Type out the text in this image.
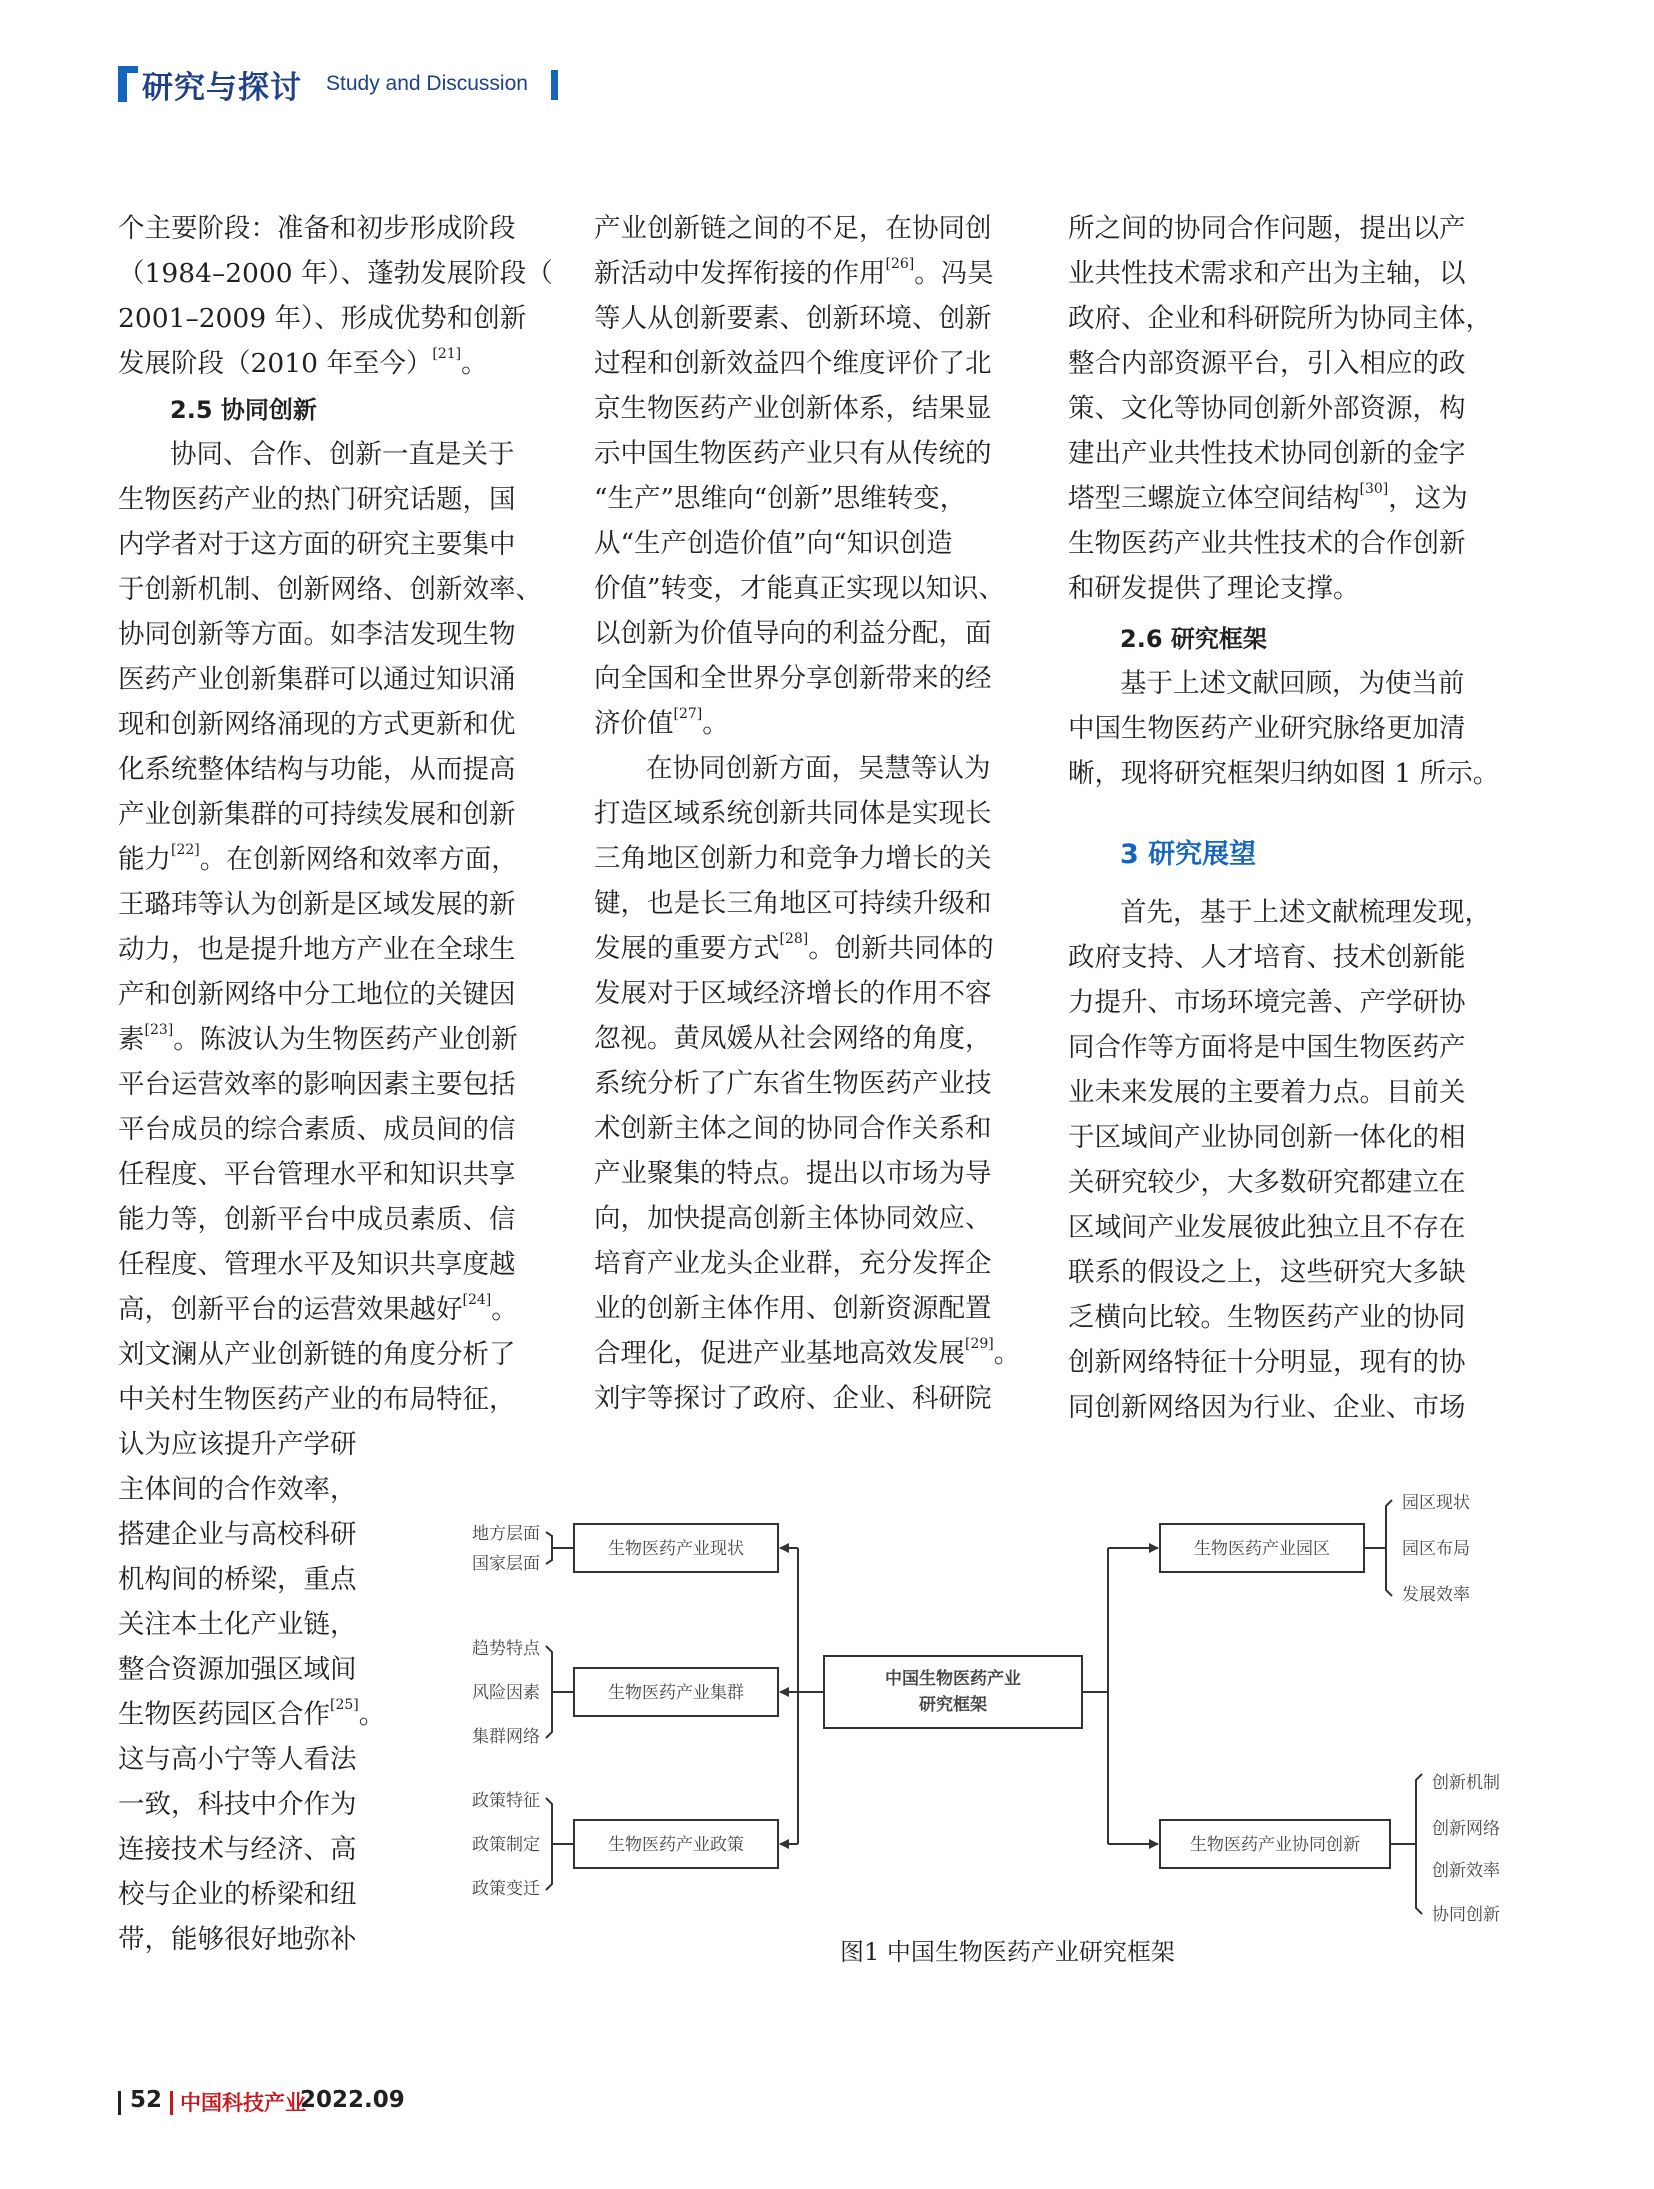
研究与探讨 Study and Discussion
个主要阶段：准备和初步形成阶段
（1984–2000 年）、蓬勃发展阶段（
2001–2009 年）、形成优势和创新
发展阶段（2010 年至今）[21]。
2.5 协同创新
协同、合作、创新一直是关于
生物医药产业的热门研究话题，国
内学者对于这方面的研究主要集中
于创新机制、创新网络、创新效率、
协同创新等方面。如李洁发现生物
医药产业创新集群可以通过知识涌
现和创新网络涌现的方式更新和优
化系统整体结构与功能，从而提高
产业创新集群的可持续发展和创新
能力[22]。在创新网络和效率方面，
王璐玮等认为创新是区域发展的新
动力，也是提升地方产业在全球生
产和创新网络中分工地位的关键因
素[23]。陈波认为生物医药产业创新
平台运营效率的影响因素主要包括
平台成员的综合素质、成员间的信
任程度、平台管理水平和知识共享
能力等，创新平台中成员素质、信
任程度、管理水平及知识共享度越
高，创新平台的运营效果越好[24]。
刘文澜从产业创新链的角度分析了
中关村生物医药产业的布局特征，
认为应该提升产学研
主体间的合作效率，
搭建企业与高校科研
机构间的桥梁，重点
关注本土化产业链，
整合资源加强区域间
生物医药园区合作[25]。
这与高小宁等人看法
一致，科技中介作为
连接技术与经济、高
校与企业的桥梁和纽
带，能够很好地弥补
产业创新链之间的不足，在协同创
新活动中发挥衔接的作用[26]。冯昊
等人从创新要素、创新环境、创新
过程和创新效益四个维度评价了北
京生物医药产业创新体系，结果显
示中国生物医药产业只有从传统的
“生产”思维向“创新”思维转变，
从“生产创造价值”向“知识创造
价值”转变，才能真正实现以知识、
以创新为价值导向的利益分配，面
向全国和全世界分享创新带来的经
济价值[27]。
在协同创新方面，吴慧等认为
打造区域系统创新共同体是实现长
三角地区创新力和竞争力增长的关
键，也是长三角地区可持续升级和
发展的重要方式[28]。创新共同体的
发展对于区域经济增长的作用不容
忽视。黄凤媛从社会网络的角度，
系统分析了广东省生物医药产业技
术创新主体之间的协同合作关系和
产业聚集的特点。提出以市场为导
向，加快提高创新主体协同效应、
培育产业龙头企业群，充分发挥企
业的创新主体作用、创新资源配置
合理化，促进产业基地高效发展[29]。
刘宇等探讨了政府、企业、科研院
所之间的协同合作问题，提出以产
业共性技术需求和产出为主轴，以
政府、企业和科研院所为协同主体，
整合内部资源平台，引入相应的政
策、文化等协同创新外部资源，构
建出产业共性技术协同创新的金字
塔型三螺旋立体空间结构[30]，这为
生物医药产业共性技术的合作创新
和研发提供了理论支撑。
2.6 研究框架
基于上述文献回顾，为使当前
中国生物医药产业研究脉络更加清
晰，现将研究框架归纳如图 1 所示。
3 研究展望
首先，基于上述文献梳理发现，
政府支持、人才培育、技术创新能
力提升、市场环境完善、产学研协
同合作等方面将是中国生物医药产
业未来发展的主要着力点。目前关
于区域间产业协同创新一体化的相
关研究较少，大多数研究都建立在
区域间产业发展彼此独立且不存在
联系的假设之上，这些研究大多缺
乏横向比较。生物医药产业的协同
创新网络特征十分明显，现有的协
同创新网络因为行业、企业、市场
中国生物医药产业
研究框架
生物医药产业现状
生物医药产业集群
生物医药产业政策
地方层面
国家层面
趋势特点
风险因素
集群网络
政策特征
政策制定
政策变迁
生物医药产业园区
生物医药产业协同创新
园区现状
园区布局
发展效率
创新机制
创新网络
创新效率
协同创新
图1 中国生物医药产业研究框架
52 中国科技产业
2022.09
